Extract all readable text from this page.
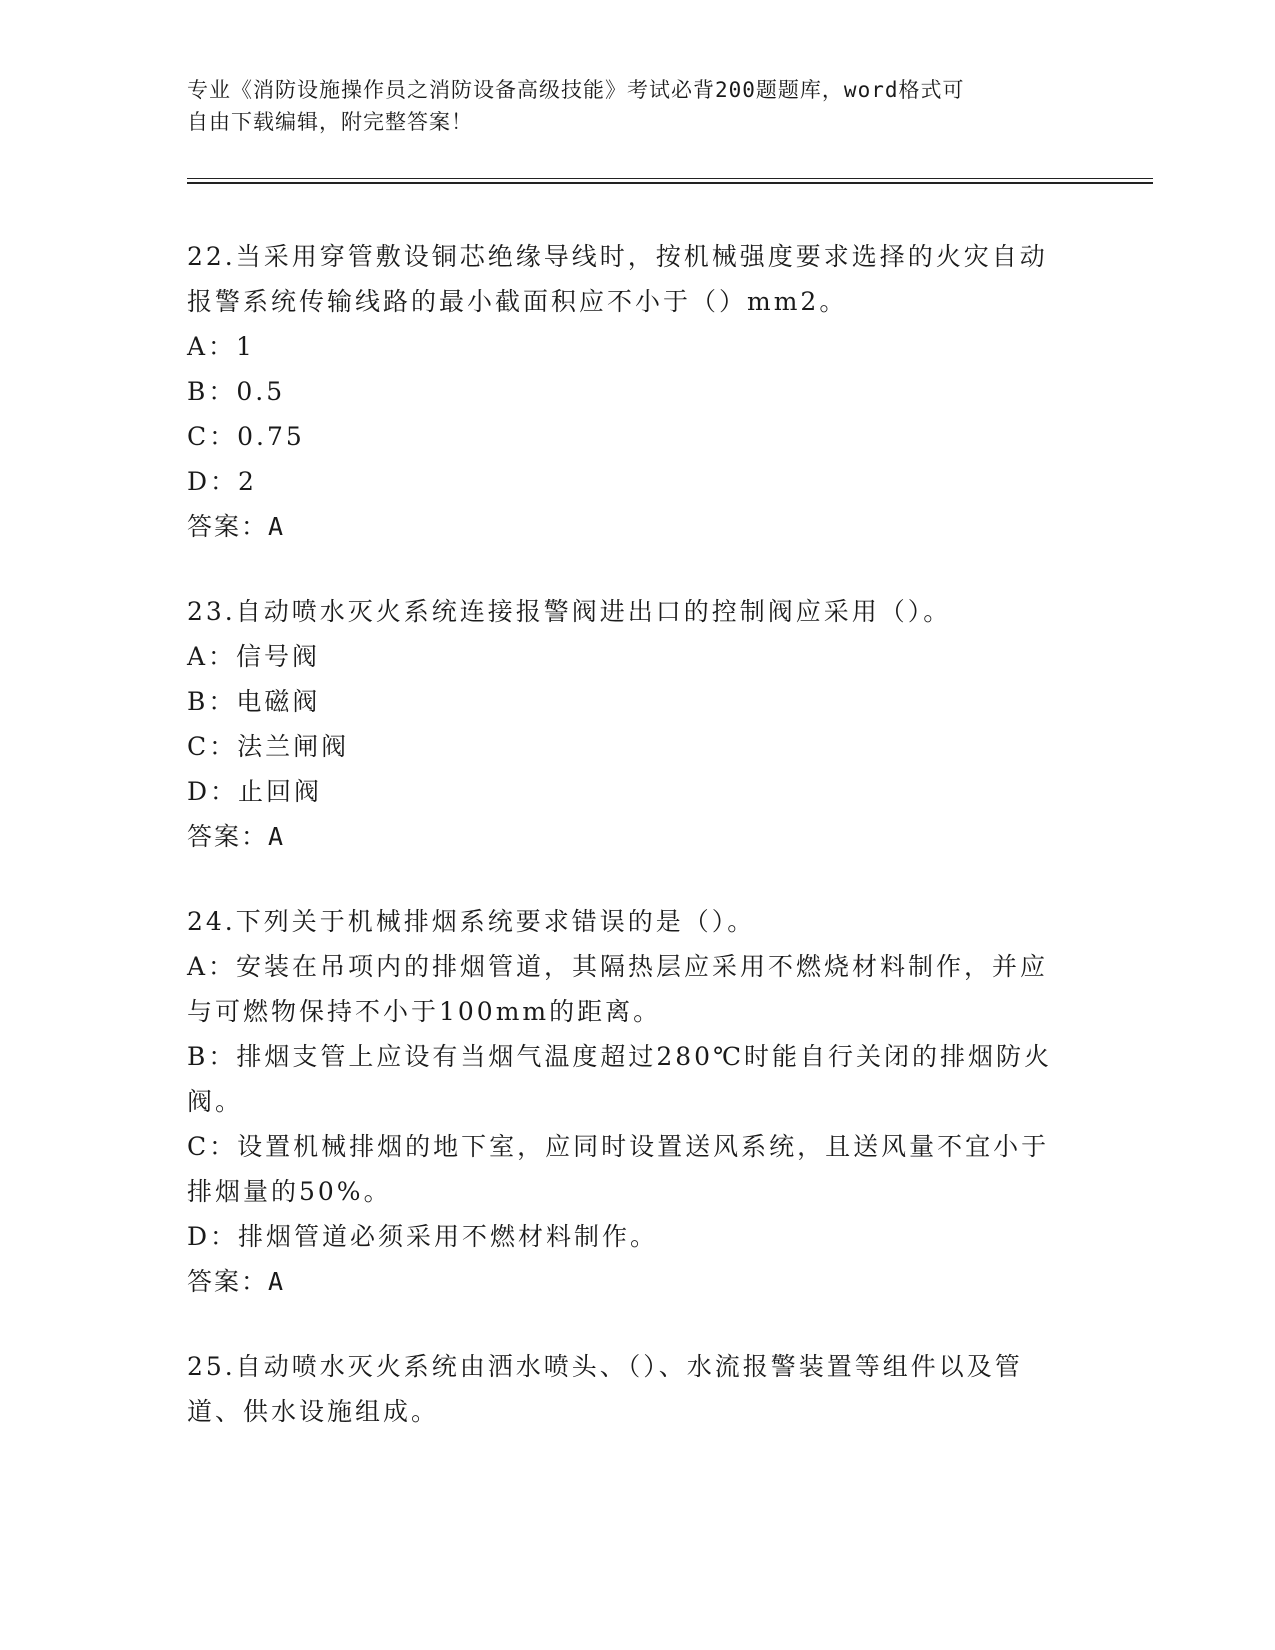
专业《消防设施操作员之消防设备高级技能》考试必背200题题库，word格式可
自由下载编辑，附完整答案！
22.当采用穿管敷设铜芯绝缘导线时，按机械强度要求选择的火灾自动
报警系统传输线路的最小截面积应不小于（）mm2。
A：1
B：0.5
C：0.75
D：2
答案：A
23.自动喷水灭火系统连接报警阀进出口的控制阀应采用（）。
A：信号阀
B：电磁阀
C：法兰闸阀
D：止回阀
答案：A
24.下列关于机械排烟系统要求错误的是（）。
A：安装在吊项内的排烟管道，其隔热层应采用不燃烧材料制作，并应
与可燃物保持不小于100mm的距离。
B：排烟支管上应设有当烟气温度超过280℃时能自行关闭的排烟防火
阀。
C：设置机械排烟的地下室，应同时设置送风系统，且送风量不宜小于
排烟量的50%。
D：排烟管道必须采用不燃材料制作。
答案：A
25.自动喷水灭火系统由洒水喷头、（）、水流报警装置等组件以及管
道、供水设施组成。
